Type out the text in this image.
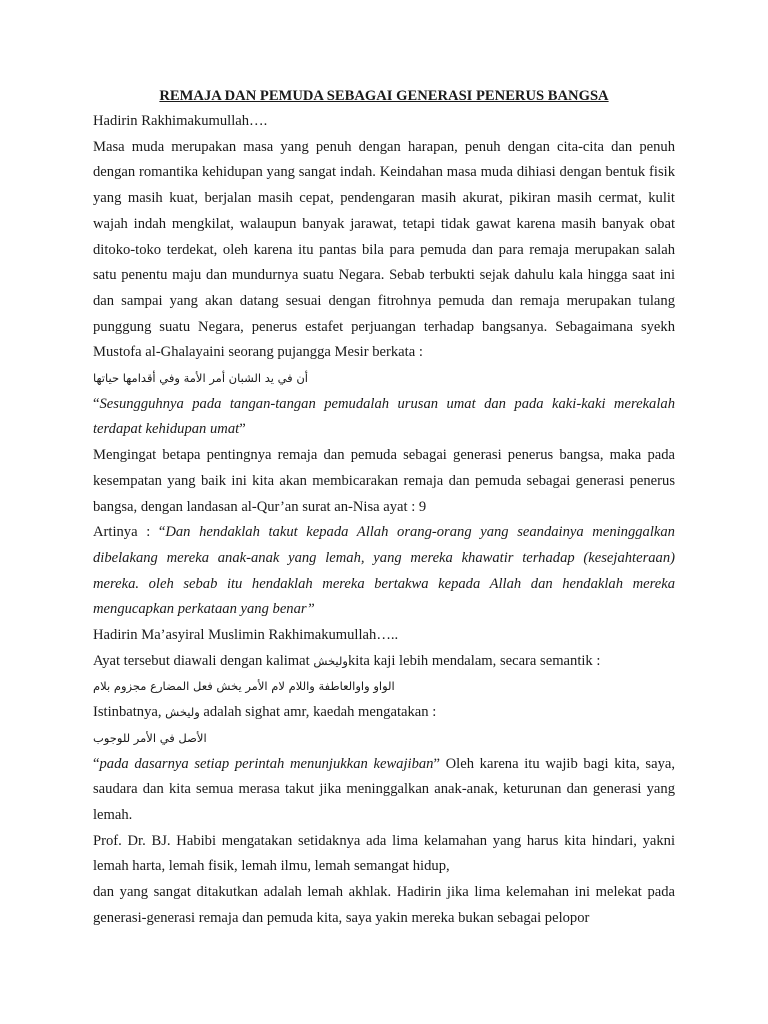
REMAJA DAN PEMUDA SEBAGAI GENERASI PENERUS BANGSA

Hadirin Rakhimakumullah….

Masa muda merupakan masa yang penuh dengan harapan, penuh dengan cita-cita dan penuh dengan romantika kehidupan yang sangat indah. Keindahan masa muda dihiasi dengan bentuk fisik yang masih kuat, berjalan masih cepat, pendengaran masih akurat, pikiran masih cermat, kulit wajah indah mengkilat, walaupun banyak jarawat, tetapi tidak gawat karena masih banyak obat ditoko-toko terdekat, oleh karena itu pantas bila para pemuda dan para remaja merupakan salah satu penentu maju dan mundurnya suatu Negara. Sebab terbukti sejak dahulu kala hingga saat ini dan sampai yang akan datang sesuai dengan fitrohnya pemuda dan remaja merupakan tulang punggung suatu Negara, penerus estafet perjuangan terhadap bangsanya. Sebagaimana syekh Mustofa al-Ghalayaini seorang pujangga Mesir berkata :

أن في يد الشبان أمر الأمة وفي أقدامها حياتها

“Sesungguhnya pada tangan-tangan pemudalah urusan umat dan pada kaki-kaki merekalah terdapat kehidupan umat”

Mengingat betapa pentingnya remaja dan pemuda sebagai generasi penerus bangsa, maka pada kesempatan yang baik ini kita akan membicarakan remaja dan pemuda sebagai generasi penerus bangsa, dengan landasan al-Qur’an surat an-Nisa ayat : 9

Artinya : “Dan hendaklah takut kepada Allah orang-orang yang seandainya meninggalkan dibelakang mereka anak-anak yang lemah, yang mereka khawatir terhadap (kesejahteraan) mereka. oleh sebab itu hendaklah mereka bertakwa kepada Allah dan hendaklah mereka mengucapkan perkataan yang benar”

Hadirin Ma’asyiral Muslimin Rakhimakumullah…..

Ayat tersebut diawali dengan kalimat وليخشkita kaji lebih mendalam, secara semantik :

الواو واوالعاطفة واللام لام الأمر يخش فعل المضارع مجزوم بلام

Istinbatnya, وليخش adalah sighat amr, kaedah mengatakan :

الأصل في الأمر للوجوب

“pada dasarnya setiap perintah menunjukkan kewajiban” Oleh karena itu wajib bagi kita, saya, saudara dan kita semua merasa takut jika meninggalkan anak-anak, keturunan dan generasi yang lemah.

Prof. Dr. BJ. Habibi mengatakan setidaknya ada lima kelamahan yang harus kita hindari, yakni lemah harta, lemah fisik, lemah ilmu, lemah semangat hidup,

dan yang sangat ditakutkan adalah lemah akhlak. Hadirin jika lima kelemahan ini melekat pada generasi-generasi remaja dan pemuda kita, saya yakin mereka bukan sebagai pelopor
